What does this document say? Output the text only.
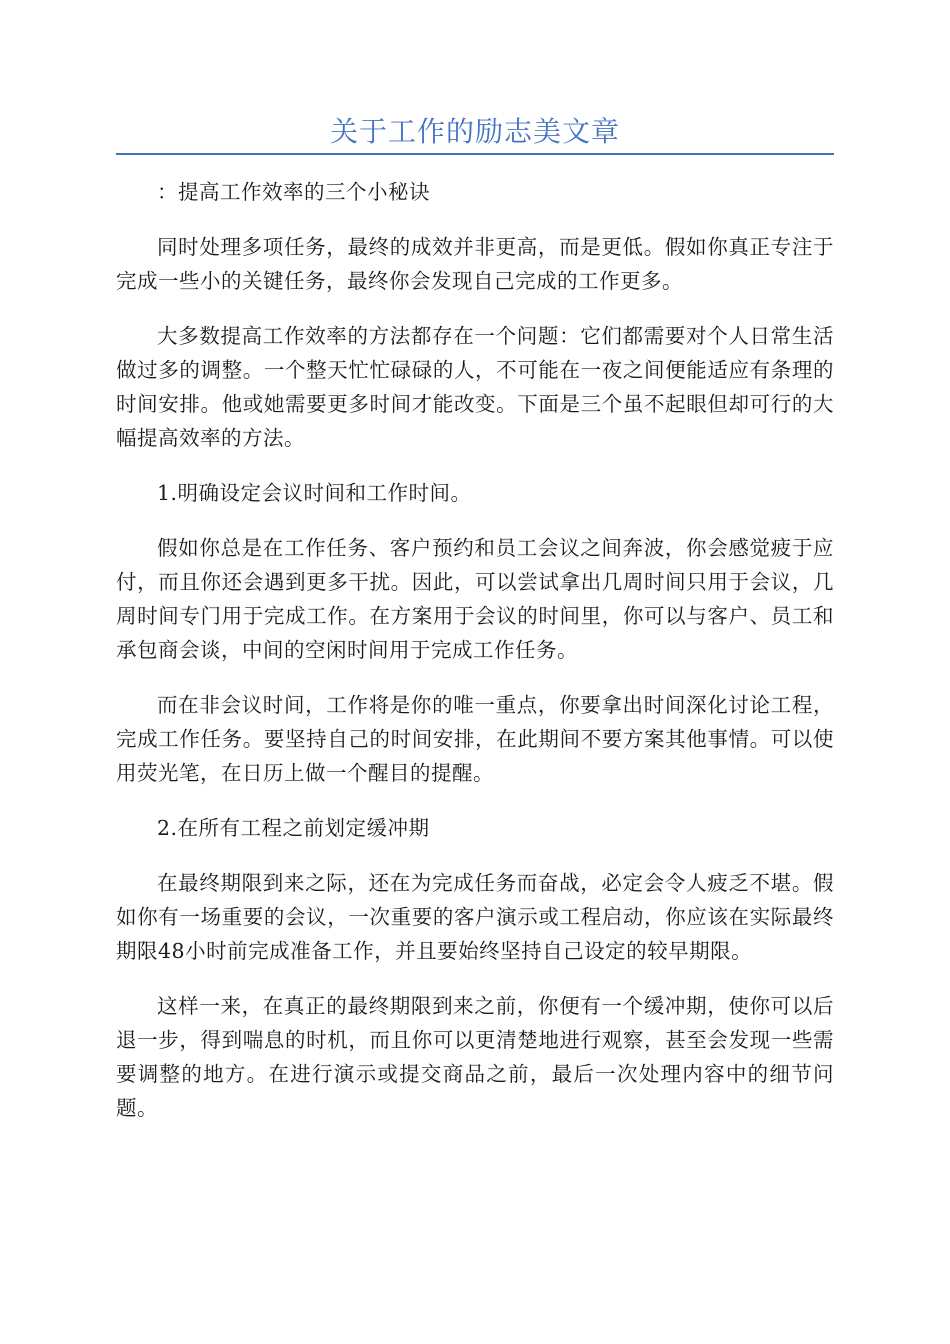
关于工作的励志美文章

：提高工作效率的三个小秘诀

同时处理多项任务，最终的成效并非更高，而是更低。假如你真正专注于完成一些小的关键任务，最终你会发现自己完成的工作更多。

大多数提高工作效率的方法都存在一个问题：它们都需要对个人日常生活做过多的调整。一个整天忙忙碌碌的人，不可能在一夜之间便能适应有条理的时间安排。他或她需要更多时间才能改变。下面是三个虽不起眼但却可行的大幅提高效率的方法。

1.明确设定会议时间和工作时间。

假如你总是在工作任务、客户预约和员工会议之间奔波，你会感觉疲于应付，而且你还会遇到更多干扰。因此，可以尝试拿出几周时间只用于会议，几周时间专门用于完成工作。在方案用于会议的时间里，你可以与客户、员工和承包商会谈，中间的空闲时间用于完成工作任务。

而在非会议时间，工作将是你的唯一重点，你要拿出时间深化讨论工程，完成工作任务。要坚持自己的时间安排，在此期间不要方案其他事情。可以使用荧光笔，在日历上做一个醒目的提醒。

2.在所有工程之前划定缓冲期

在最终期限到来之际，还在为完成任务而奋战，必定会令人疲乏不堪。假如你有一场重要的会议，一次重要的客户演示或工程启动，你应该在实际最终期限48小时前完成准备工作，并且要始终坚持自己设定的较早期限。

这样一来，在真正的最终期限到来之前，你便有一个缓冲期，使你可以后退一步，得到喘息的时机，而且你可以更清楚地进行观察，甚至会发现一些需要调整的地方。在进行演示或提交商品之前，最后一次处理内容中的细节问题。
